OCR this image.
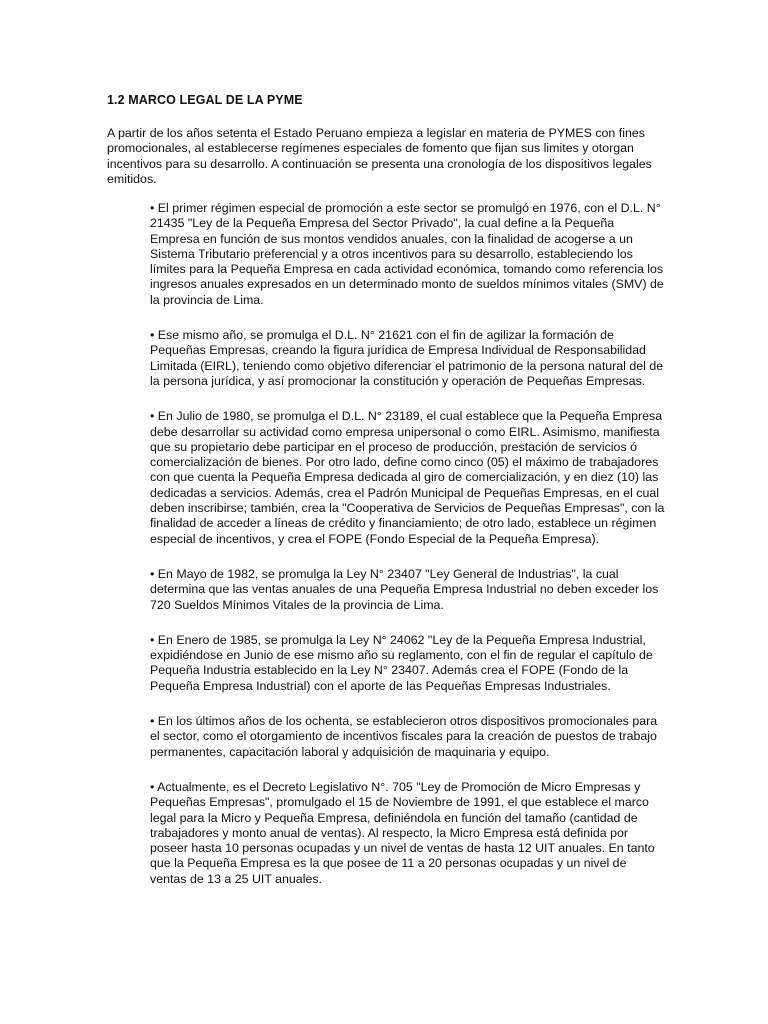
1.2 MARCO LEGAL DE LA PYME

A partir de los años setenta el Estado Peruano empieza a legislar en materia de PYMES con fines promocionales, al establecerse regímenes especiales de fomento que fijan sus limites y otorgan incentivos para su desarrollo. A continuación se presenta una cronología de los dispositivos legales emitidos.

• El primer régimen especial de promoción a este sector se promulgó en 1976, con el D.L. N° 21435 "Ley de la Pequeña Empresa del Sector Privado", la cual define a la Pequeña Empresa en función de sus montos vendidos anuales, con la finalidad de acogerse a un Sistema Tributario preferencial y a otros incentivos para su desarrollo, estableciendo los límites para la Pequeña Empresa en cada actividad económica, tomando como referencia los ingresos anuales expresados en un determinado monto de sueldos mínimos vitales (SMV) de la provincia de Lima.

• Ese mismo año, se promulga el D.L. N° 21621 con el fin de agilizar la formación de Pequeñas Empresas, creando la figura jurídica de Empresa Individual de Responsabilidad Limitada (EIRL), teniendo como objetivo diferenciar el patrimonio de la persona natural del de la persona jurídica, y así promocionar la constitución y operación de Pequeñas Empresas.

• En Julio de 1980, se promulga el D.L. N° 23189, el cual establece que la Pequeña Empresa debe desarrollar su actividad como empresa unipersonal o como EIRL. Asimismo, manifiesta que su propietario debe participar en el proceso de producción, prestación de servicios ó comercialización de bienes. Por otro lado, define como cinco (05) el máximo de trabajadores con que cuenta la Pequeña Empresa dedicada al giro de comercialización, y en diez (10) las dedicadas a servicios. Además, crea el Padrón Municipal de Pequeñas Empresas, en el cual deben inscribirse; también, crea la "Cooperativa de Servicios de Pequeñas Empresas", con la finalidad de acceder a líneas de crédito y financiamiento; de otro lado, establece un régimen especial de incentivos, y crea el FOPE (Fondo Especial de la Pequeña Empresa).

• En Mayo de 1982, se promulga la Ley N° 23407 "Ley General de Industrias", la cual determina que las ventas anuales de una Pequeña Empresa Industrial no deben exceder los 720 Sueldos Mínimos Vitales de la provincia de Lima.

• En Enero de 1985, se promulga la Ley N° 24062 "Ley de la Pequeña Empresa Industrial, expidiéndose en Junio de ese mismo año su reglamento, con el fin de regular el capítulo de Pequeña Industria establecido en la Ley N° 23407. Además crea el FOPE (Fondo de la Pequeña Empresa Industrial) con el aporte de las Pequeñas Empresas Industriales.

• En los últimos años de los ochenta, se establecieron otros dispositivos promocionales para el sector, como el otorgamiento de incentivos fiscales para la creación de puestos de trabajo permanentes, capacitación laboral y adquisición de maquinaria y equipo.

• Actualmente, es el Decreto Legislativo N°. 705 "Ley de Promoción de Micro Empresas y Pequeñas Empresas", promulgado el 15 de Noviembre de 1991, el que establece el marco legal para la Micro y Pequeña Empresa, definiéndola en función del tamaño (cantidad de trabajadores y monto anual de ventas). Al respecto, la Micro Empresa está definida por poseer hasta 10 personas ocupadas y un nivel de ventas de hasta 12 UIT anuales. En tanto que la Pequeña Empresa es la que posee de 11 a 20 personas ocupadas y un nivel de ventas de 13 a 25 UIT anuales.
